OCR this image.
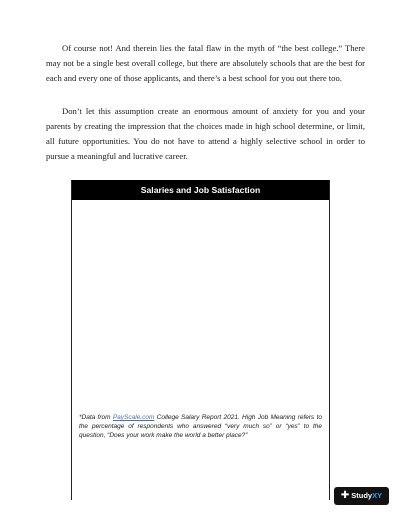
Of course not! And therein lies the fatal flaw in the myth of “the best college.” There may not be a single best overall college, but there are absolutely schools that are the best for each and every one of those applicants, and there’s a best school for you out there too.

Don’t let this assumption create an enormous amount of anxiety for you and your parents by creating the impression that the choices made in high school determine, or limit, all future opportunities. You do not have to attend a highly selective school in order to pursue a meaningful and lucrative career.

Salaries and Job Satisfaction

*Data from PayScale.com College Salary Report 2021. High Job Meaning refers to the percentage of respondents who answered “very much so” or “yes” to the question, “Does your work make the world a better place?”

✚ StudyXY
